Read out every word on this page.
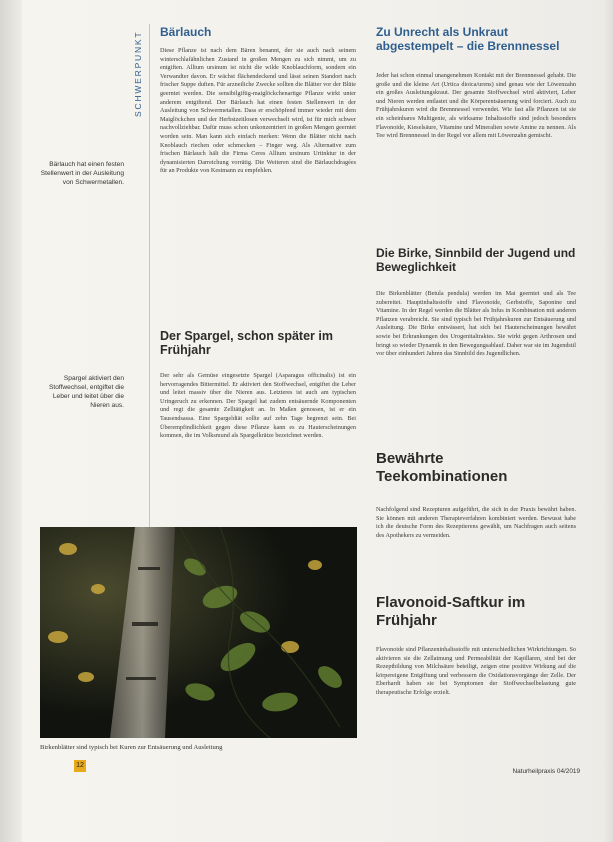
SCHWERPUNKT
Bärlauch hat einen festen Stellenwert in der Ausleitung von Schwermetallen.
Spargel aktiviert den Stoffwechsel, entgiftet die Leber und leitet über die Nieren aus.
Bärlauch
Diese Pflanze ist nach dem Bären benannt, der sie auch nach seinem winterschlafähnlichen Zustand in großen Mengen zu sich nimmt, um zu entgiften. Allium ursinum ist nicht die wilde Knoblauchform, sondern ein Verwandter davon. Er wächst flächendeckend und lässt seinen Standort nach frischer Suppe duften. Für arzneiliche Zwecke sollten die Blätter vor der Blüte geerntet werden. Die sensibilgiftig-maiglöckchenartige Pflanze wirkt unter anderem entgiftend. Der Bärlauch hat einen festen Stellenwert in der Ausleitung von Schwermetallen. Dass er erschöpfend immer wieder mit dem Maiglöckchen und der Herbstzeitlosen verwechselt wird, ist für mich schwer nachvollziehbar. Dafür muss schon unkonzentriert in großen Mengen geerntet worden sein. Man kann sich einfach merken: Wenn die Blätter nicht nach Knoblauch riechen oder schmecken – Finger weg. Als Alternative zum frischen Bärlauch hält die Firma Ceres Allium ursinum Urtinktur in der dynamisierten Darreichung vorrätig. Die Weiteren sind die Bärlauchdragées für an Produkte von Kestmann zu empfehlen.
Der Spargel, schon später im Frühjahr
Der sehr als Gemüse eingesetzte Spargel (Asparagus officinalis) ist ein hervorragendes Bittermittel. Er aktiviert den Stoffwechsel, entgiftet die Leber und leitet massiv über die Nieren aus. Letzteres ist auch am typischen Uringeruch zu erkennen. Der Spargel hat zudem entsäuernde Komponenten und regt die gesamte Zelltätigkeit an. In Maßen genossen, ist er ein Tausendsassa. Eine Spargeldiät sollte auf zehn Tage begrenzt sein. Bei Überempfindlichkeit gegen diese Pflanze kann es zu Hauterscheinungen kommen, die im Volksmund als Spargelkrätze bezeichnet werden.
Birkenblätter sind typisch bei Kuren zur Entsäuerung und Ausleitung
Zu Unrecht als Unkraut abgestempelt – die Brennnessel
Jeder hat schon einmal unangenehmen Kontakt mit der Brennnessel gehabt. Die große und die kleine Art (Urtica dioica/urens) sind genau wie der Löwenzahn ein großes Ausleitungskraut. Der gesamte Stoffwechsel wird aktiviert, Leber und Nieren werden entlastet und die Körperentsäuerung wird forciert. Auch zu Frühjahrskuren wird die Brennnessel verwendet. Wie fast alle Pflanzen ist sie ein scheinbares Multigenie, als wirksame Inhaltsstoffe sind jedoch besonders Flavonoide, Kieselsäure, Vitamine und Mineralien sowie Amine zu nennen. Als Tee wird Brennnessel in der Regel vor allem mit Löwenzahn gemischt.
Die Birke, Sinnbild der Jugend und Beweglichkeit
Die Birkenblätter (Betula pendula) werden im Mai geerntet und als Tee zubereitet. Hauptinhaltsstoffe sind Flavonoide, Gerbstoffe, Saponine und Vitamine. In der Regel werden die Blätter als Infus in Kombination mit anderen Pflanzen verabreicht. Sie sind typisch bei Frühjahrskuren zur Entsäuerung und Ausleitung. Die Birke entwässert, hat sich bei Hauterscheinungen bewährt sowie bei Erkrankungen des Urogenitaltraktes. Sie wirkt gegen Arthrosen und bringt so wieder Dynamik in den Bewegungsablauf. Daher war sie im Jugendstil vor über einhundert Jahren das Sinnbild des Jugendlichen.
Bewährte Teekombinationen
Nachfolgend sind Rezepturen aufgeführt, die sich in der Praxis bewährt haben. Sie können mit anderen Therapieverfahren kombiniert werden. Bewusst habe ich die deutsche Form des Rezeptierens gewählt, um Nachfragen auch seitens des Apothekers zu vermeiden.
Flavonoid-Saftkur im Frühjahr
Flavonoide sind Pflanzeninhaltsstoffe mit unterschiedlichen Wirkrichtungen. So aktivieren sie die Zellatmung und Permeabilität der Kapillaren, sind bei der Rezeptbildung von Milchsäure beteiligt, zeigen eine positive Wirkung auf die körpereigene Entgiftung und verbessern die Oxidationsvorgänge der Zelle. Der Eberhardt haben sie bei Symptomen der Stoffwechselbelastung gute therapeutische Erfolge erzielt.
12
Naturheilpraxis 04/2019
